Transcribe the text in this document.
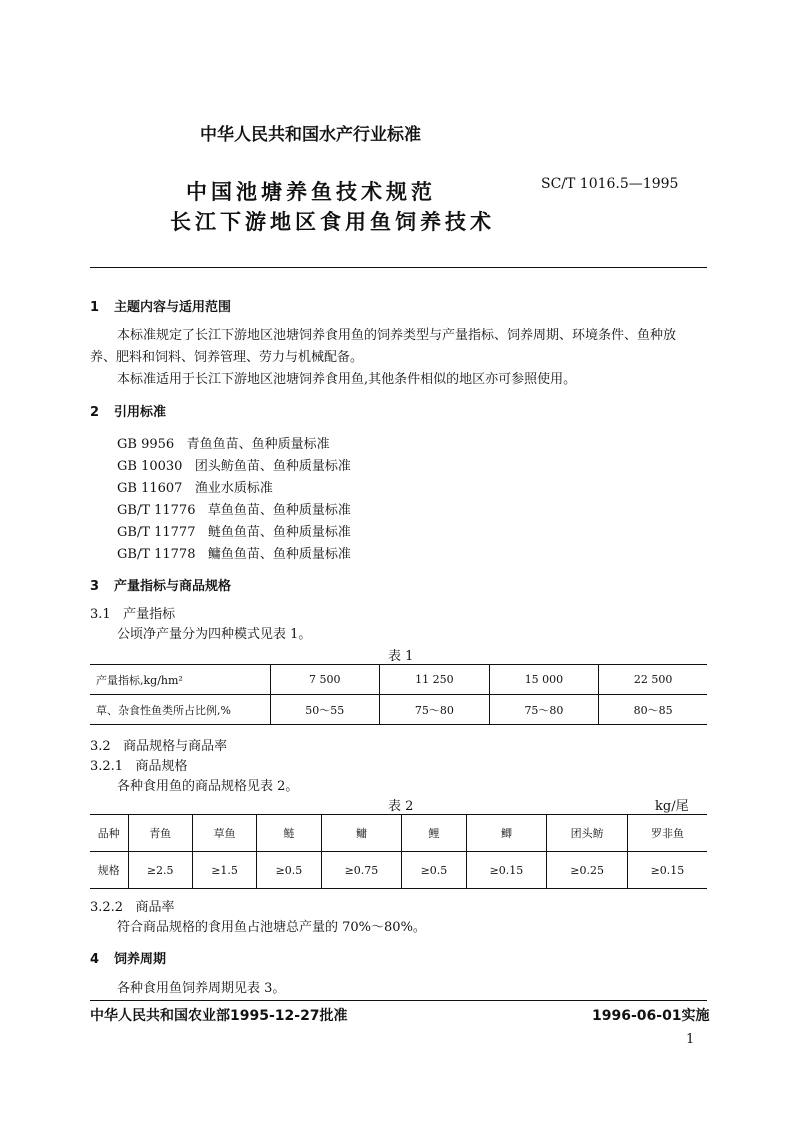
中华人民共和国水产行业标准
中国池塘养鱼技术规范
长江下游地区食用鱼饲养技术
SC/T 1016.5—1995
1 主题内容与适用范围
本标准规定了长江下游地区池塘饲养食用鱼的饲养类型与产量指标、饲养周期、环境条件、鱼种放
养、肥料和饲料、饲养管理、劳力与机械配备。
本标准适用于长江下游地区池塘饲养食用鱼,其他条件相似的地区亦可参照使用。
2 引用标准
GB 9956 青鱼鱼苗、鱼种质量标准
GB 10030 团头鲂鱼苗、鱼种质量标准
GB 11607 渔业水质标准
GB/T 11776 草鱼鱼苗、鱼种质量标准
GB/T 11777 鲢鱼鱼苗、鱼种质量标准
GB/T 11778 鳙鱼鱼苗、鱼种质量标准
3 产量指标与商品规格
3.1 产量指标
公顷净产量分为四种模式见表 1。
表 1
产量指标,kg/hm²	7 500	11 250	15 000	22 500
草、杂食性鱼类所占比例,%	50～55	75～80	75～80	80～85
3.2 商品规格与商品率
3.2.1 商品规格
各种食用鱼的商品规格见表 2。
表 2	kg/尾
品种	青鱼	草鱼	鲢	鳙	鲤	鲫	团头鲂	罗非鱼
规格	≥2.5	≥1.5	≥0.5	≥0.75	≥0.5	≥0.15	≥0.25	≥0.15
3.2.2 商品率
符合商品规格的食用鱼占池塘总产量的 70%～80%。
4 饲养周期
各种食用鱼饲养周期见表 3。
中华人民共和国农业部1995-12-27批准	1996-06-01实施
1
